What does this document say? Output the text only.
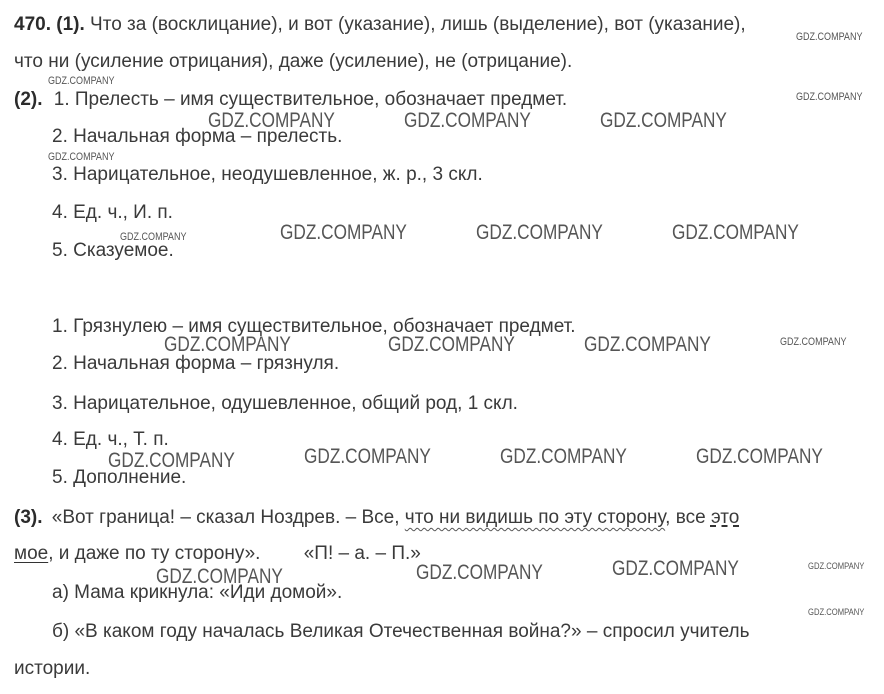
470. (1). Что за (восклицание), и вот (указание), лишь (выделение), вот (указание),
что ни (усиление отрицания), даже (усиление), не (отрицание).
(2). 1. Прелесть – имя существительное, обозначает предмет.
2. Начальная форма – прелесть.
3. Нарицательное, неодушевленное, ж. р., 3 скл.
4. Ед. ч., И. п.
5. Сказуемое.
1. Грязнулею – имя существительное, обозначает предмет.
2. Начальная форма – грязнуля.
3. Нарицательное, одушевленное, общий род, 1 скл.
4. Ед. ч., Т. п.
5. Дополнение.
(3). «Вот граница! – сказал Ноздрев. – Все, что ни видишь по эту сторону, все это
мое, и даже по ту сторону». «П! – а. – П.»
а) Мама крикнула: «Иди домой».
б) «В каком году началась Великая Отечественная война?» – спросил учитель
истории.
GDZ.COMPANY
GDZ.COMPANY
GDZ.COMPANY
GDZ.COMPANY	GDZ.COMPANY	GDZ.COMPANY
GDZ.COMPANY
GDZ.COMPANY	GDZ.COMPANY	GDZ.COMPANY	GDZ.COMPANY
GDZ.COMPANY	GDZ.COMPANY	GDZ.COMPANY	GDZ.COMPANY
GDZ.COMPANY	GDZ.COMPANY	GDZ.COMPANY	GDZ.COMPANY
GDZ.COMPANY	GDZ.COMPANY	GDZ.COMPANY	GDZ.COMPANY
GDZ.COMPANY
